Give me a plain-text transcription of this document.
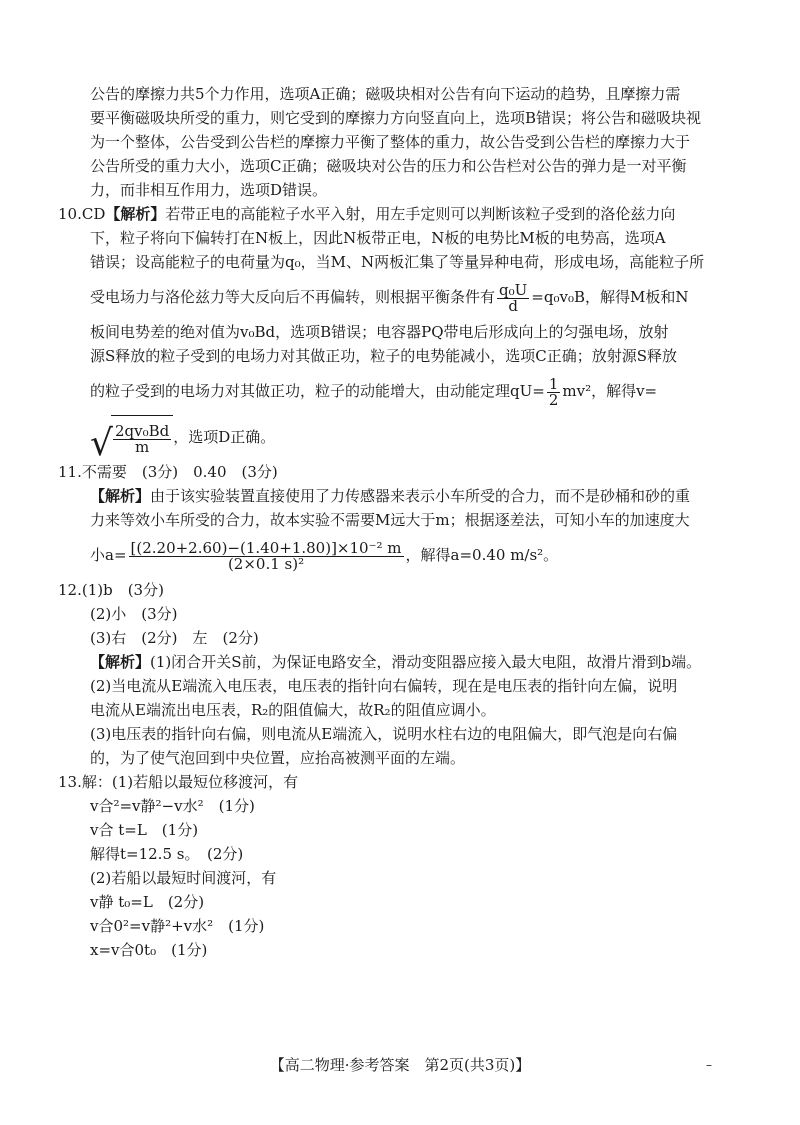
公告的摩擦力共5个力作用，选项A正确；磁吸块相对公告有向下运动的趋势，且摩擦力需
要平衡磁吸块所受的重力，则它受到的摩擦力方向竖直向上，选项B错误；将公告和磁吸块视
为一个整体，公告受到公告栏的摩擦力平衡了整体的重力，故公告受到公告栏的摩擦力大于
公告所受的重力大小，选项C正确；磁吸块对公告的压力和公告栏对公告的弹力是一对平衡
力，而非相互作用力，选项D错误。
10.CD【解析】若带正电的高能粒子水平入射，用左手定则可以判断该粒子受到的洛伦兹力向
下，粒子将向下偏转打在N板上，因此N板带正电，N板的电势比M板的电势高，选项A
错误；设高能粒子的电荷量为q₀，当M、N两板汇集了等量异种电荷，形成电场，高能粒子所
受电场力与洛伦兹力等大反向后不再偏转，则根据平衡条件有 $\frac{\text{q₀U}}{d} =q_0v_0B$，解得M板和N
板间电势差的绝对值为v₀Bd，选项B错误；电容器PQ带电后形成向上的匀强电场，放射
源S释放的粒子受到的电场力对其做正功，粒子的电势能减小，选项C正确；放射源S释放
的粒子受到的电场力对其做正功，粒子的动能增大，由动能定理$qU= \frac{1}{2} mv^2$，解得v=
√ $\frac{\text{2qv₀Bd}}{m}$ ，选项D正确。
11.不需要　(3分)　0.40　(3分)
【解析】由于该实验装置直接使用了力传感器来表示小车所受的合力，而不是砂桶和砂的重
力来等效小车所受的合力，故本实验不需要M远大于m；根据逐差法，可知小车的加速度大
小$a= \frac{\text{[(2.20+2.60)−(1.40+1.80)]×10⁻² m}}{\text{(2×0.1 s)²}}$ ，解得a=0.40 m/s²。
12.(1)b　(3分)
(2)小　(3分)
(3)右　(2分)　左　(2分)
【解析】(1)闭合开关S前，为保证电路安全，滑动变阻器应接入最大电阻，故滑片滑到b端。
(2)当电流从E端流入电压表，电压表的指针向右偏转，现在是电压表的指针向左偏，说明
电流从E端流出电压表，R₂的阻值偏大，故R₂的阻值应调小。
(3)电压表的指针向右偏，则电流从E端流入，说明水柱右边的电阻偏大，即气泡是向右偏
的，为了使气泡回到中央位置，应抬高被测平面的左端。
13.解：(1)若船以最短位移渡河，有
v合²=v静²−v水²　(1分)
v合 t=L　(1分)
解得t=12.5 s。　(2分)
(2)若船以最短时间渡河，有
v静 t₀=L　(2分)
v合0²=v静²+v水²　(1分)
x=v合0t₀　(1分)
【高二物理·参考答案　第2页(共3页)】	–
